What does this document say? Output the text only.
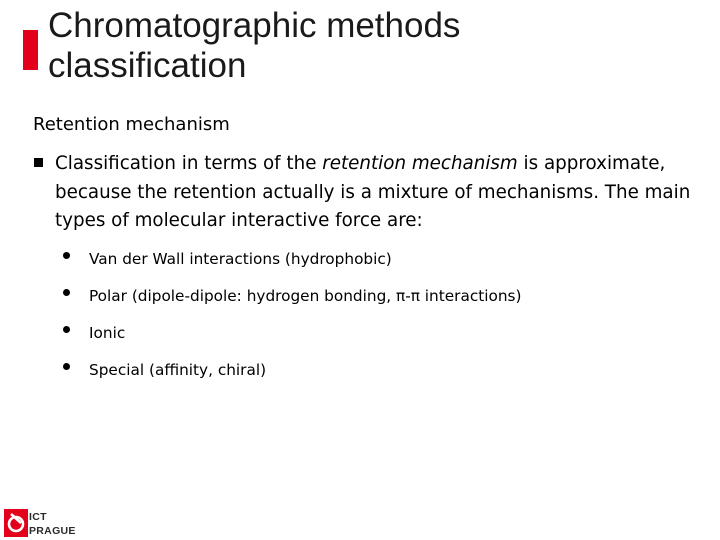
Chromatographic methods
classification
Retention mechanism
Classification in terms of the retention mechanism is approximate, because the retention actually is a mixture of mechanisms. The main types of molecular interactive force are:
Van der Wall interactions (hydrophobic)
Polar (dipole-dipole: hydrogen bonding, π-π interactions)
Ionic
Special (affinity, chiral)
ICT
PRAGUE
